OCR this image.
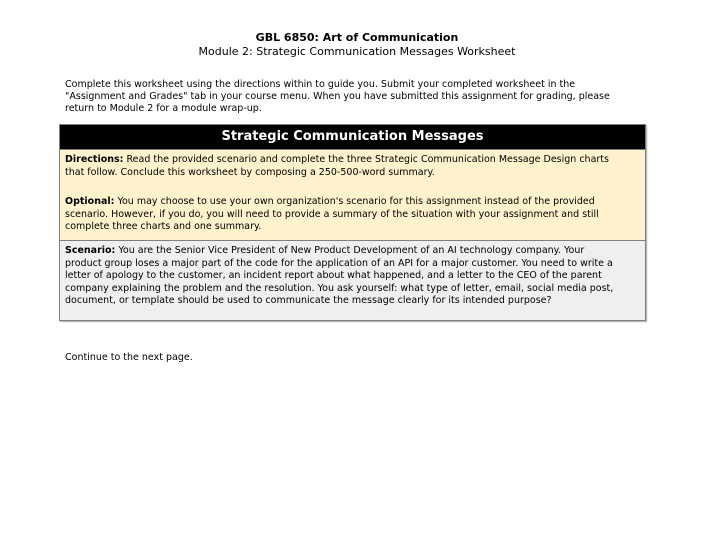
GBL 6850: Art of Communication
Module 2: Strategic Communication Messages Worksheet
Complete this worksheet using the directions within to guide you. Submit your completed worksheet in the
"Assignment and Grades" tab in your course menu. When you have submitted this assignment for grading, please
return to Module 2 for a module wrap-up.
Strategic Communication Messages
Directions: Read the provided scenario and complete the three Strategic Communication Message Design charts
that follow. Conclude this worksheet by composing a 250-500-word summary.
Optional: You may choose to use your own organization's scenario for this assignment instead of the provided
scenario. However, if you do, you will need to provide a summary of the situation with your assignment and still
complete three charts and one summary.
Scenario: You are the Senior Vice President of New Product Development of an AI technology company. Your
product group loses a major part of the code for the application of an API for a major customer. You need to write a
letter of apology to the customer, an incident report about what happened, and a letter to the CEO of the parent
company explaining the problem and the resolution. You ask yourself: what type of letter, email, social media post,
document, or template should be used to communicate the message clearly for its intended purpose?
Continue to the next page.
